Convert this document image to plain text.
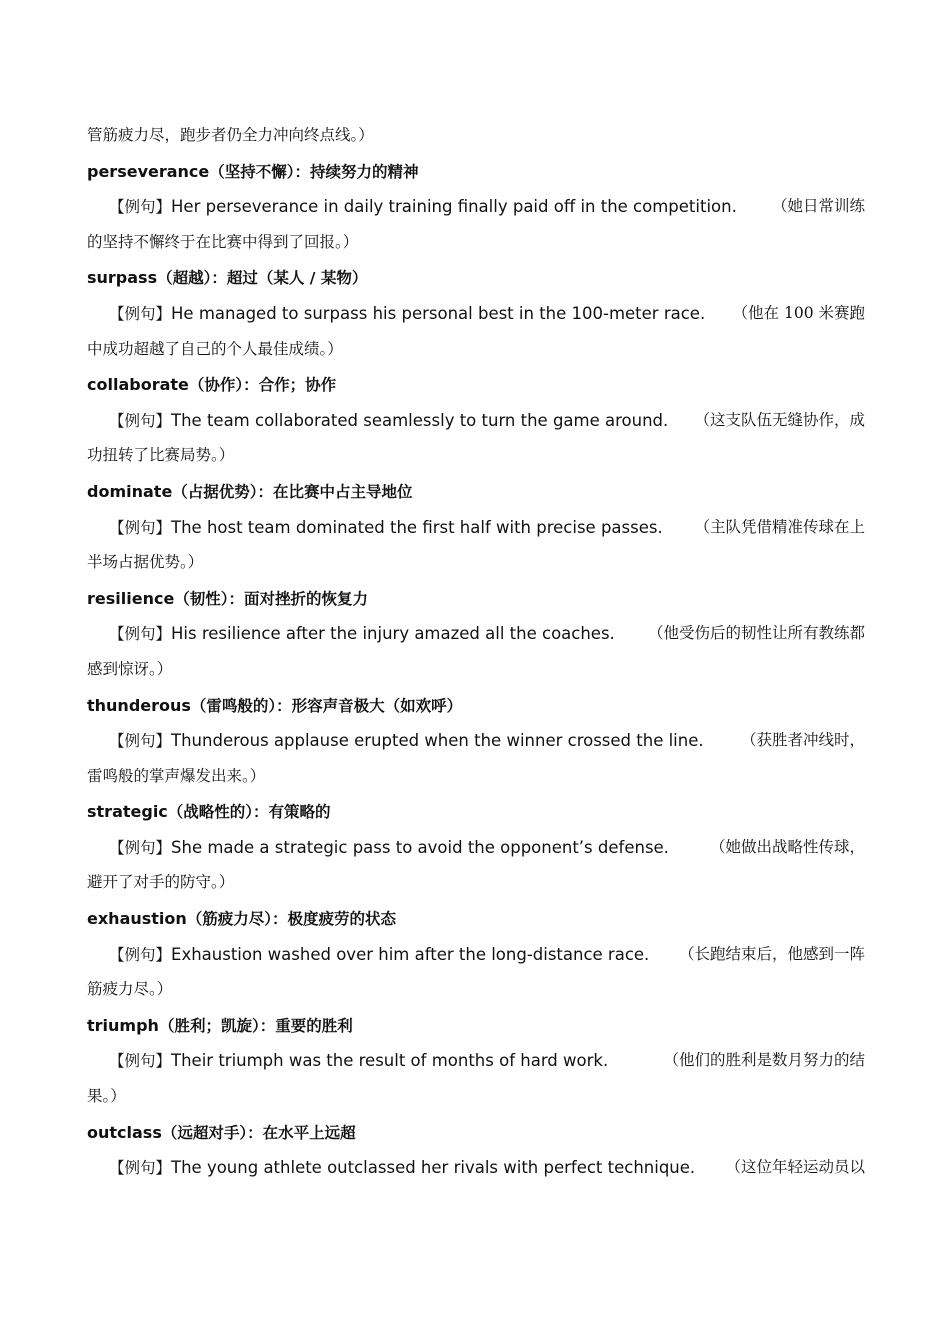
管筋疲力尽，跑步者仍全力冲向终点线。）
perseverance（坚持不懈）：持续努力的精神
【例句】Her perseverance in daily training finally paid off in the competition. （她日常训练
的坚持不懈终于在比赛中得到了回报。）
surpass（超越）：超过（某人 / 某物）
【例句】He managed to surpass his personal best in the 100-meter race. （他在 100 米赛跑
中成功超越了自己的个人最佳成绩。）
collaborate（协作）：合作；协作
【例句】The team collaborated seamlessly to turn the game around. （这支队伍无缝协作，成
功扭转了比赛局势。）
dominate（占据优势）：在比赛中占主导地位
【例句】The host team dominated the first half with precise passes. （主队凭借精准传球在上
半场占据优势。）
resilience（韧性）：面对挫折的恢复力
【例句】His resilience after the injury amazed all the coaches. （他受伤后的韧性让所有教练都
感到惊讶。）
thunderous（雷鸣般的）：形容声音极大（如欢呼）
【例句】Thunderous applause erupted when the winner crossed the line. （获胜者冲线时，
雷鸣般的掌声爆发出来。）
strategic（战略性的）：有策略的
【例句】She made a strategic pass to avoid the opponent’s defense.	（她做出战略性传球，
避开了对手的防守。）
exhaustion（筋疲力尽）：极度疲劳的状态
【例句】Exhaustion washed over him after the long-distance race. （长跑结束后，他感到一阵
筋疲力尽。）
triumph（胜利；凯旋）：重要的胜利
【例句】Their triumph was the result of months of hard work.	（他们的胜利是数月努力的结
果。）
outclass（远超对手）：在水平上远超
【例句】The young athlete outclassed her rivals with perfect technique. （这位年轻运动员以
